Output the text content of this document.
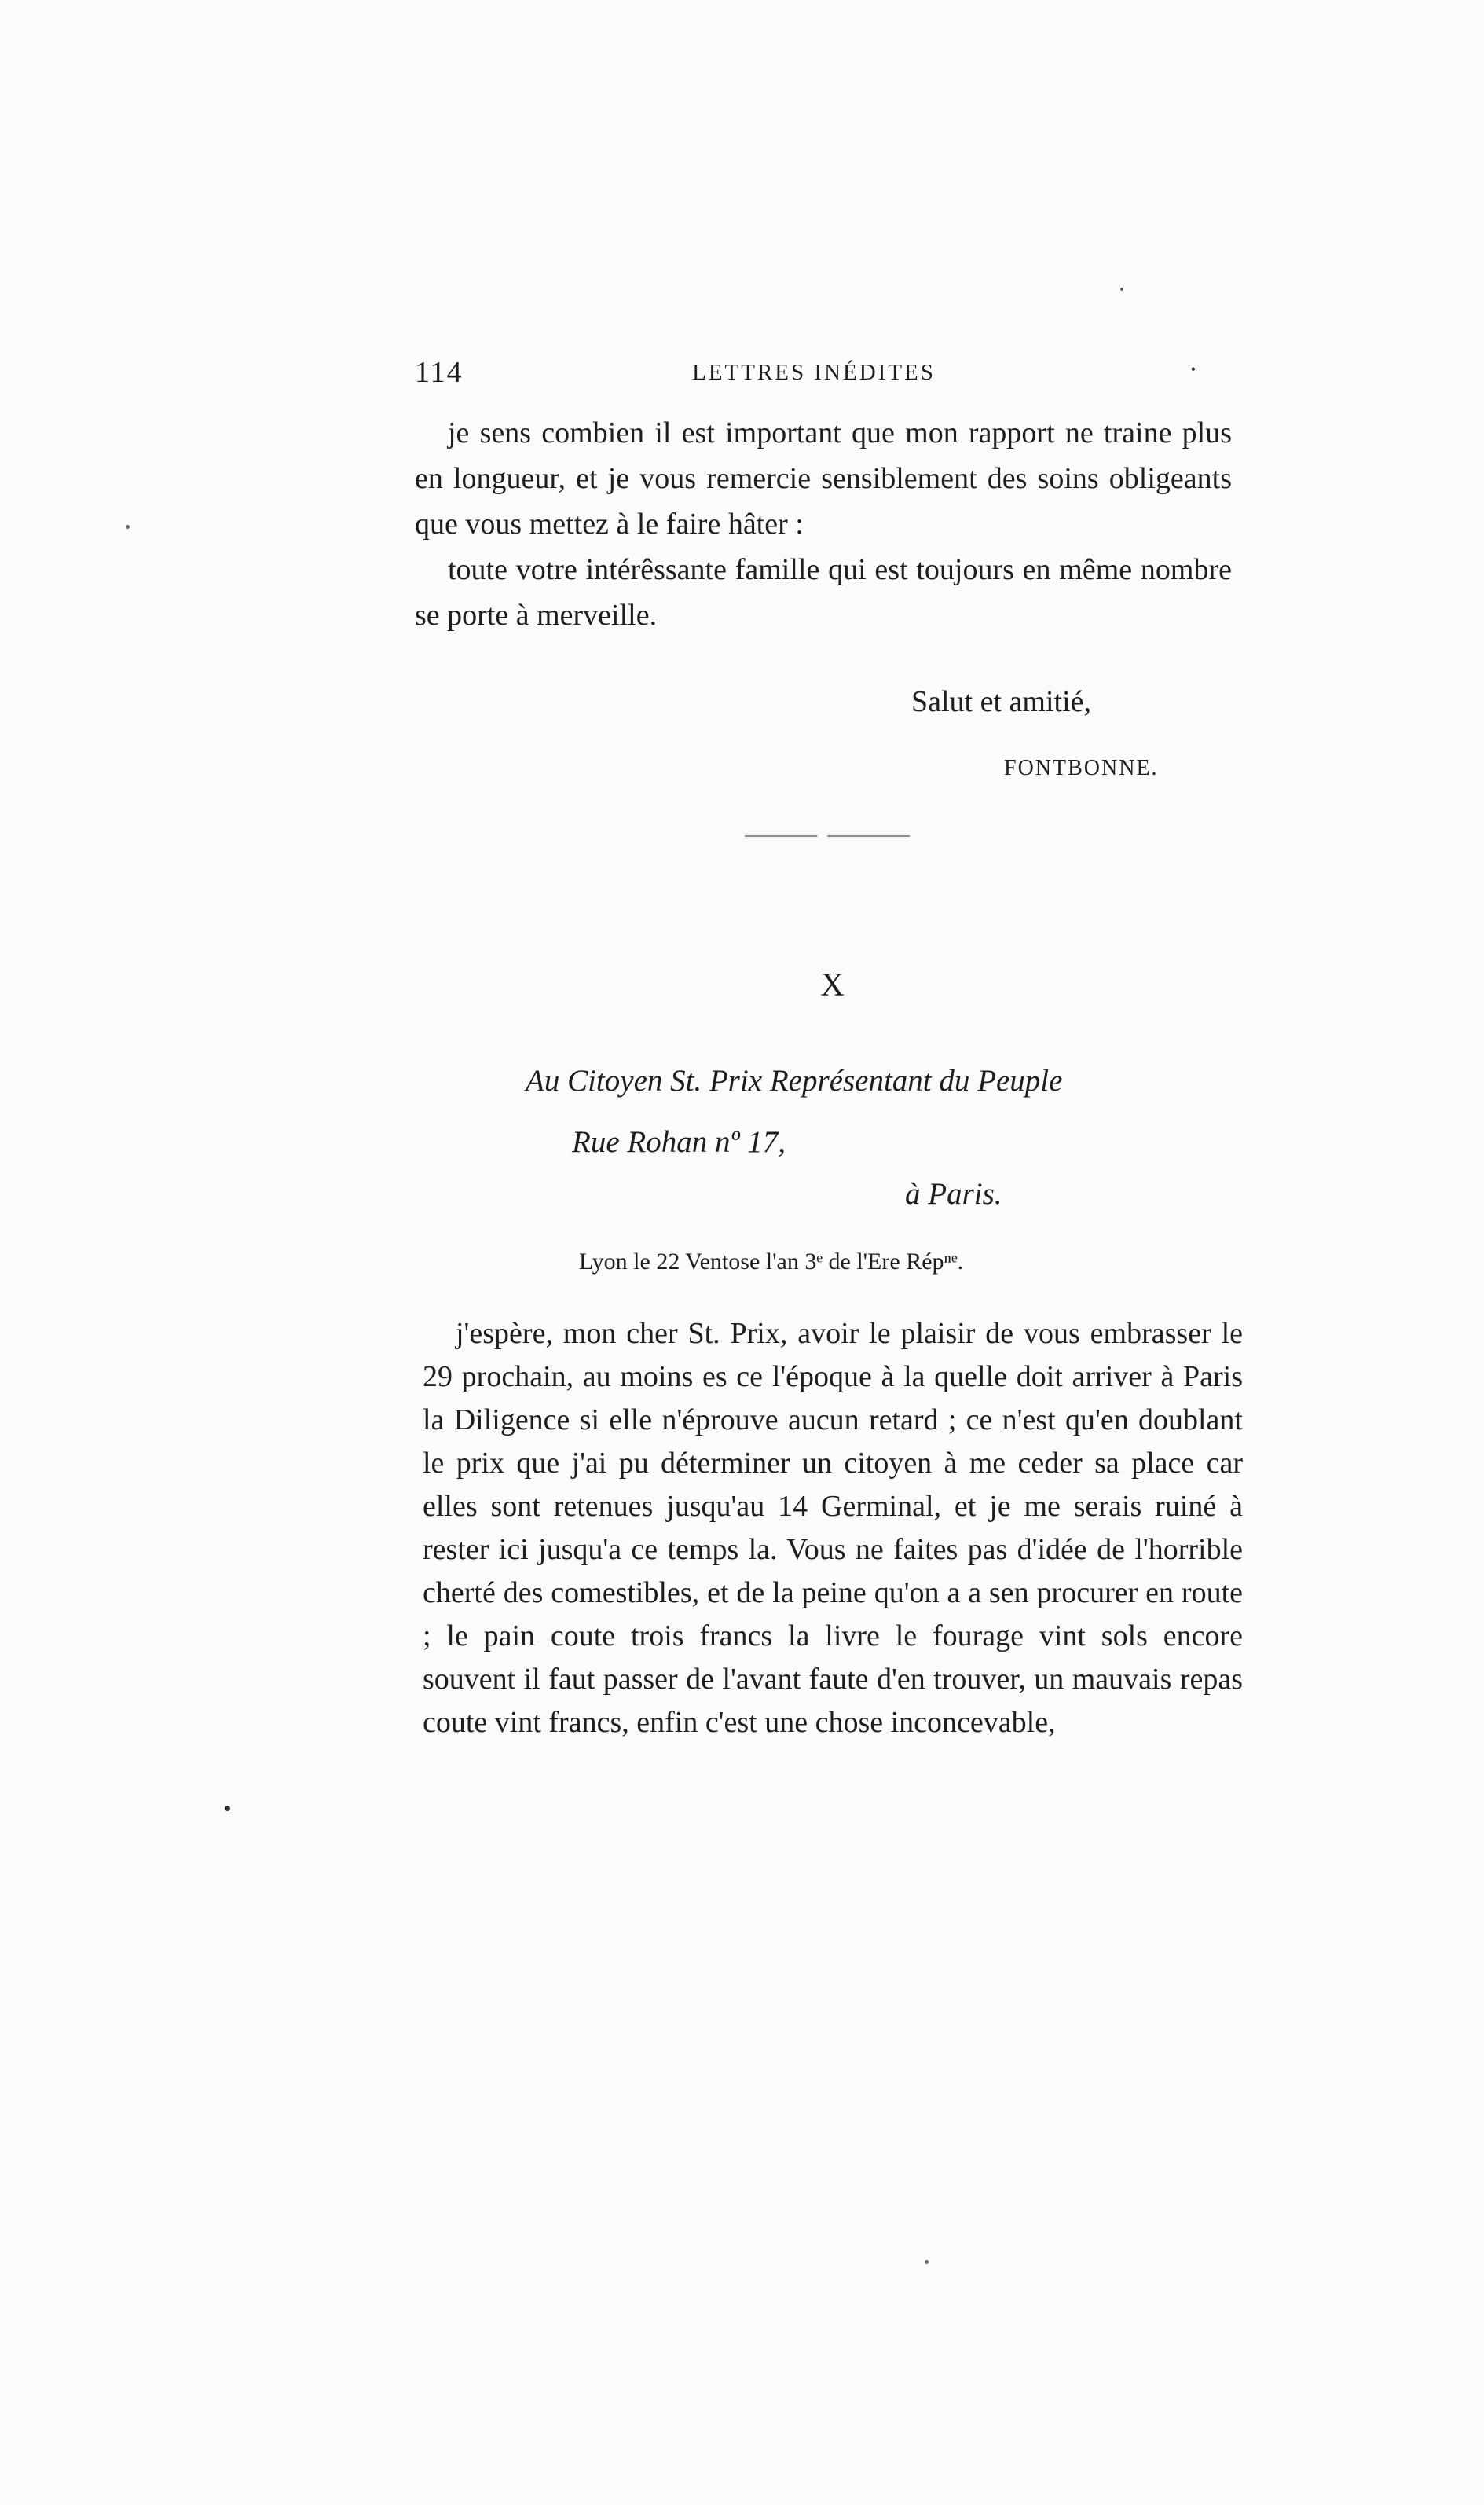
114	LETTRES INÉDITES	•

je sens combien il est important que mon rapport ne traine plus en longueur, et je vous remercie sensiblement des soins obligeants que vous mettez à le faire hâter :

toute votre intérêssante famille qui est toujours en même nombre se porte à merveille.

Salut et amitié,
FONTBONNE.
X
Au Citoyen St. Prix Représentant du Peuple
Rue Rohan nº 17,
à Paris.
Lyon le 22 Ventose l'an 3ᵉ de l'Ere Répⁿᵉ.

j'espère, mon cher St. Prix, avoir le plaisir de vous embrasser le 29 prochain, au moins es ce l'époque à la quelle doit arriver à Paris la Diligence si elle n'éprouve aucun retard ; ce n'est qu'en doublant le prix que j'ai pu déterminer un citoyen à me ceder sa place car elles sont retenues jusqu'au 14 Germinal, et je me serais ruiné à rester ici jusqu'a ce temps la. Vous ne faites pas d'idée de l'horrible cherté des comestibles, et de la peine qu'on a a sen procurer en route ; le pain coute trois francs la livre le fourage vint sols encore souvent il faut passer de l'avant faute d'en trouver, un mauvais repas coute vint francs, enfin c'est une chose inconcevable,
